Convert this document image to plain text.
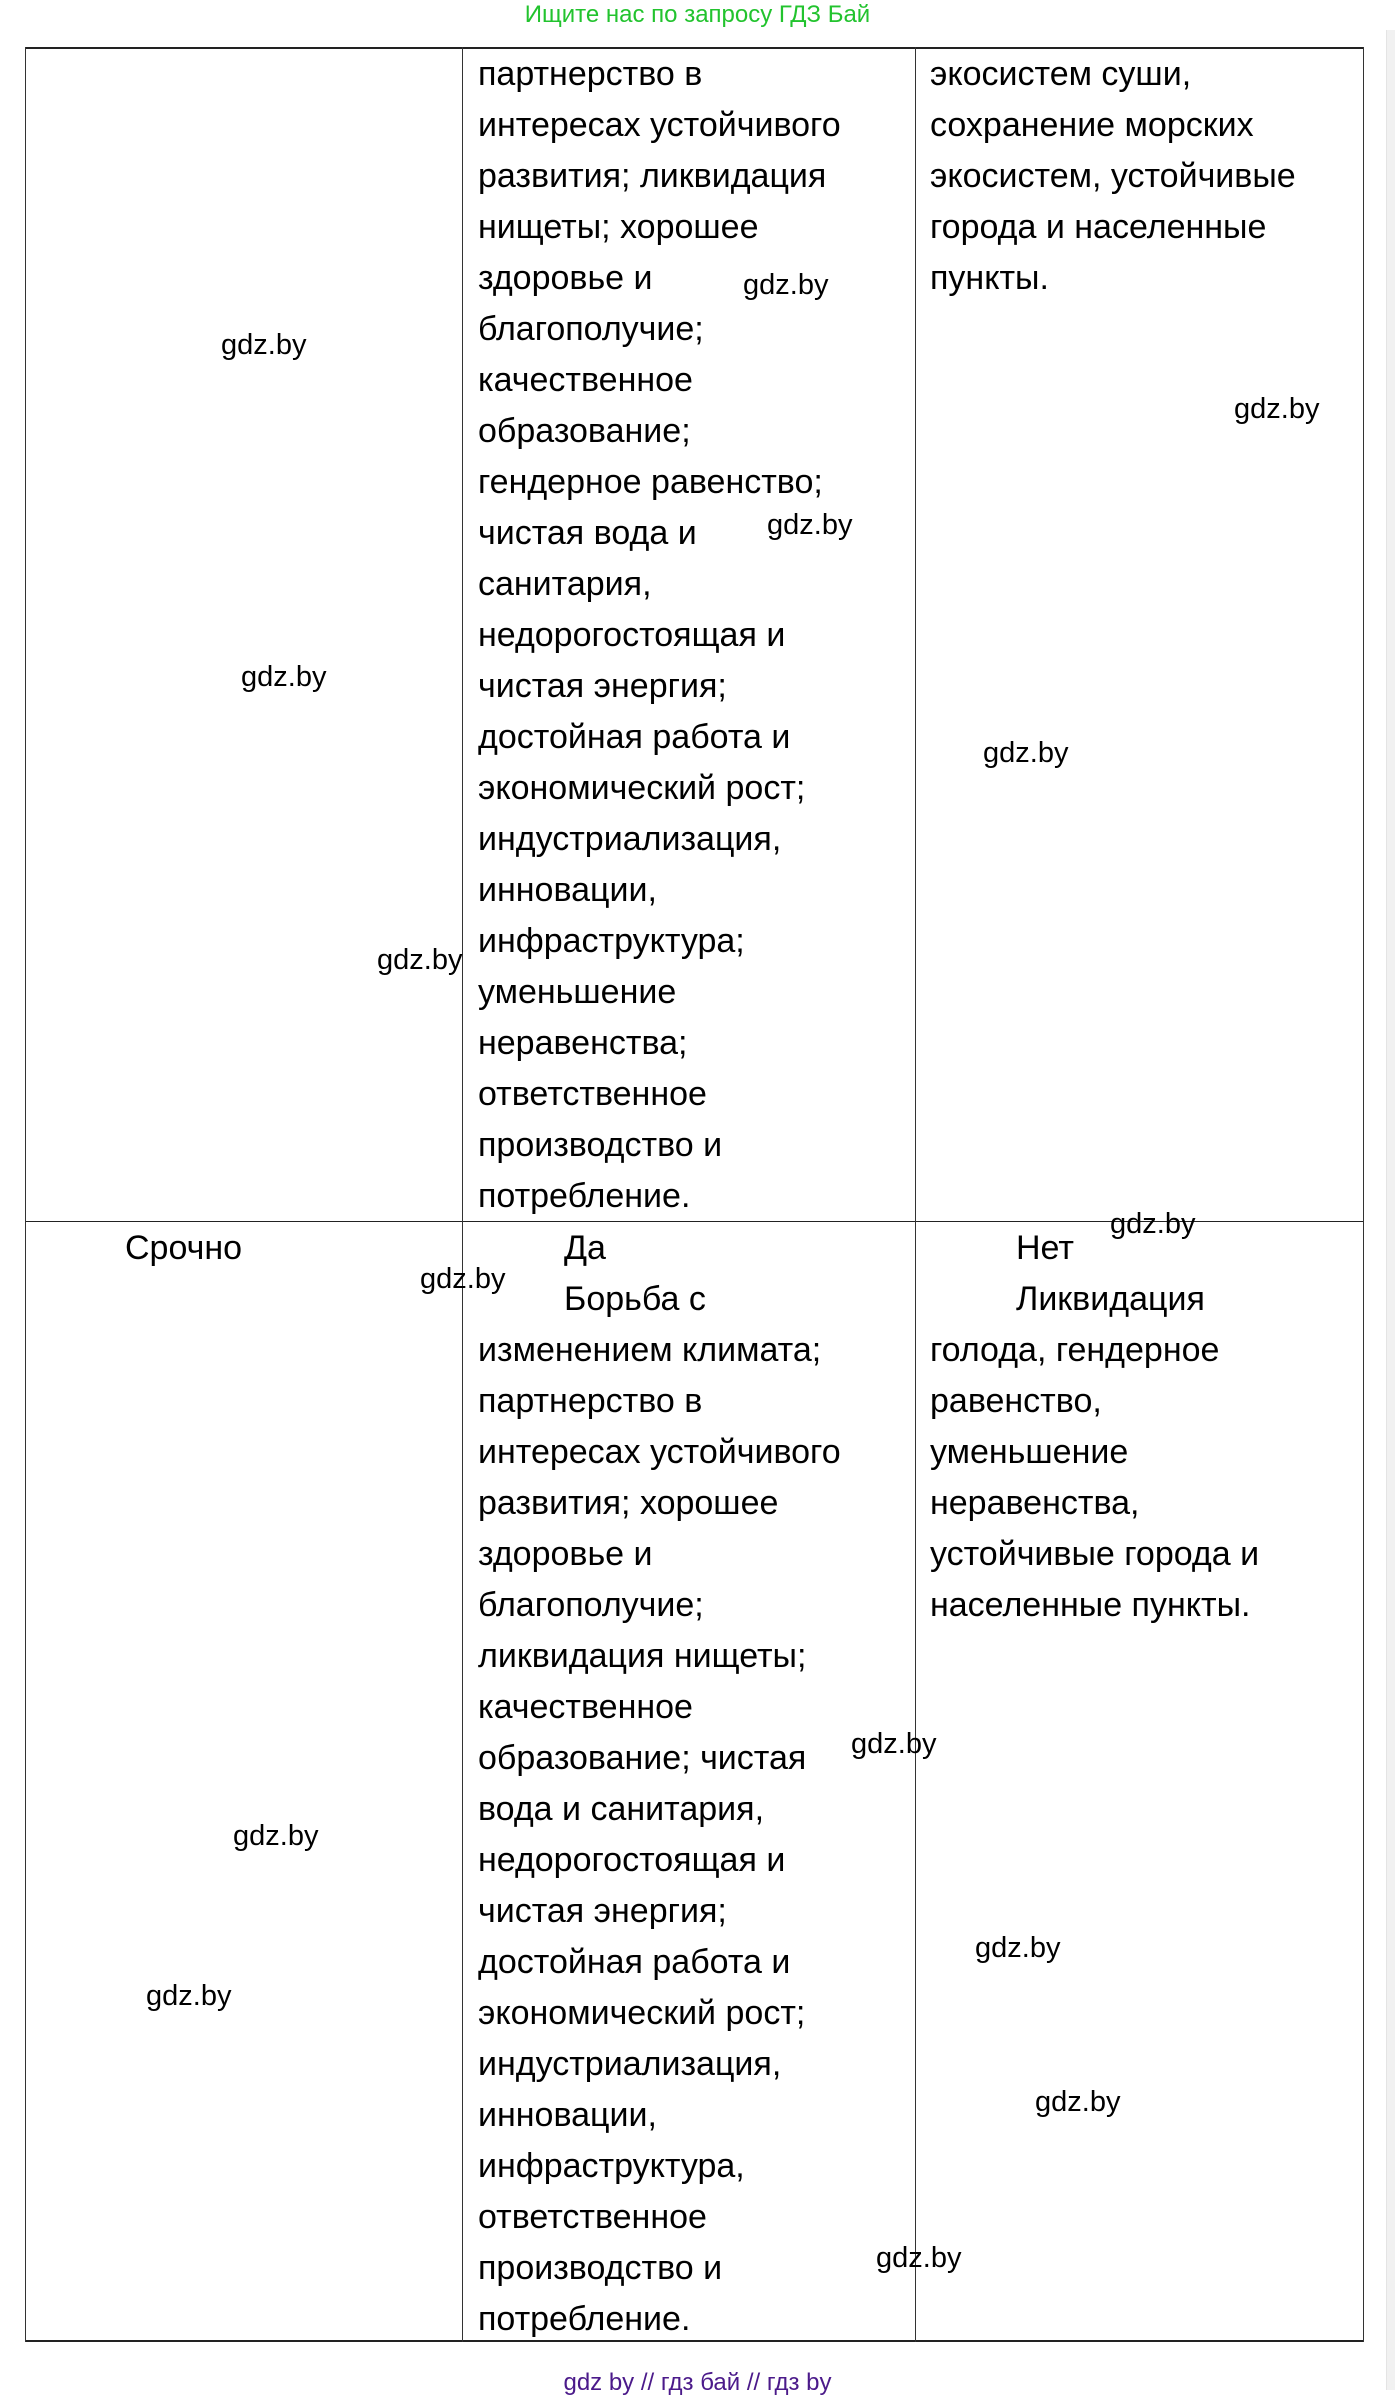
Ищите нас по запросу ГДЗ Бай
партнерство в
интересах устойчивого
развития; ликвидация
нищеты; хорошее
здоровье и
благополучие;
качественное
образование;
гендерное равенство;
чистая вода и
санитария,
недорогостоящая и
чистая энергия;
достойная работа и
экономический рост;
индустриализация,
инновации,
инфраструктура;
уменьшение
неравенства;
ответственное
производство и
потребление.
экосистем суши,
сохранение морских
экосистем, устойчивые
города и населенные
пункты.
Срочно	Да
Борьба с
изменением климата;
партнерство в
интересах устойчивого
развития; хорошее
здоровье и
благополучие;
ликвидация нищеты;
качественное
образование; чистая
вода и санитария,
недорогостоящая и
чистая энергия;
достойная работа и
экономический рост;
индустриализация,
инновации,
инфраструктура,
ответственное
производство и
потребление.
Нет
Ликвидация
голода, гендерное
равенство,
уменьшение
неравенства,
устойчивые города и
населенные пункты.
gdz.by
gdz.by
gdz.by
gdz.by
gdz.by
gdz.by
gdz.by
gdz.by
gdz.by
gdz.by
gdz.by
gdz.by
gdz.by
gdz.by
gdz.by
gdz by // гдз бай // гдз by
